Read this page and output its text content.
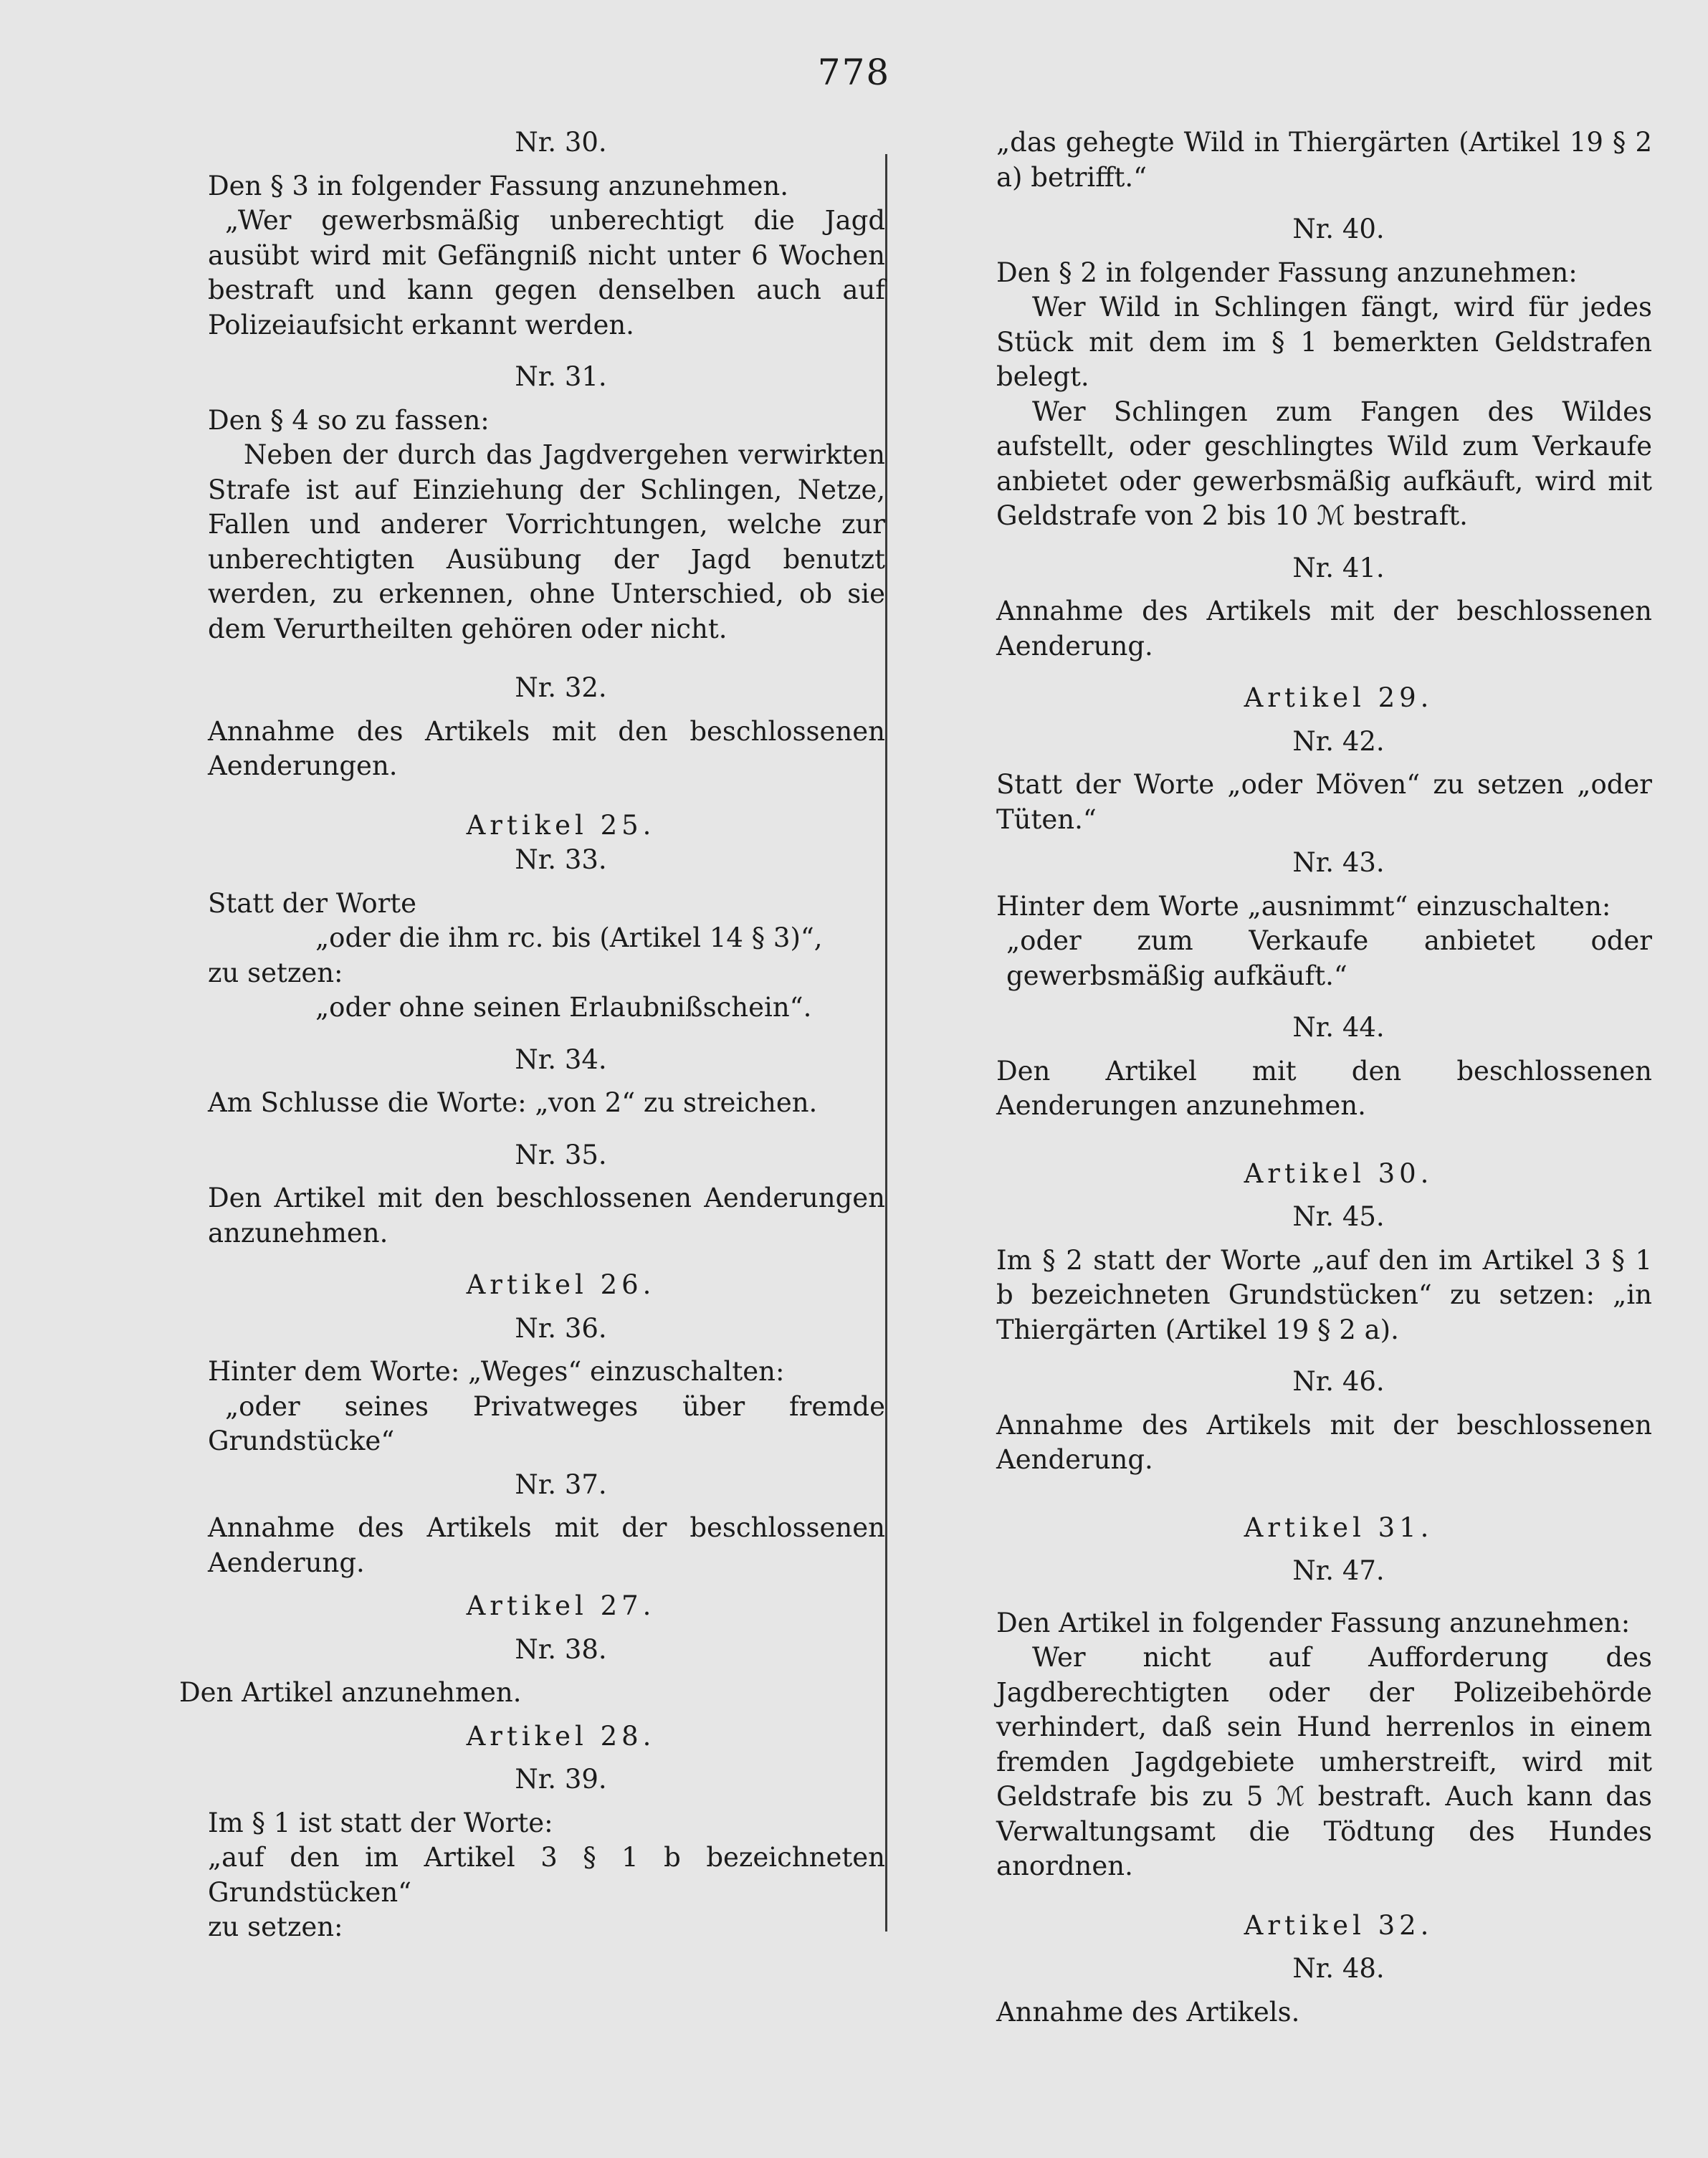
778

Nr. 30.

Den § 3 in folgender Fassung anzunehmen.

„Wer gewerbsmäßig unberechtigt die Jagd ausübt wird mit Gefängniß nicht unter 6 Wochen bestraft und kann gegen denselben auch auf Polizeiaufsicht erkannt werden.

Nr. 31.

Den § 4 so zu fassen:

Neben der durch das Jagdvergehen verwirkten Strafe ist auf Einziehung der Schlingen, Netze, Fallen und anderer Vorrichtungen, welche zur unberechtigten Ausübung der Jagd benutzt werden, zu erkennen, ohne Unterschied, ob sie dem Verurtheilten gehören oder nicht.

Nr. 32.

Annahme des Artikels mit den beschlossenen Aenderungen.

Artikel 25.

Nr. 33.

Statt der Worte

„oder die ihm rc. bis (Artikel 14 § 3)“,

zu setzen:

„oder ohne seinen Erlaubnißschein“.

Nr. 34.

Am Schlusse die Worte: „von 2“ zu streichen.

Nr. 35.

Den Artikel mit den beschlossenen Aenderungen anzunehmen.

Artikel 26.

Nr. 36.

Hinter dem Worte: „Weges“ einzuschalten:

„oder seines Privatweges über fremde Grundstücke“

Nr. 37.

Annahme des Artikels mit der beschlossenen Aenderung.

Artikel 27.

Nr. 38.

Den Artikel anzunehmen.

Artikel 28.

Nr. 39.

Im § 1 ist statt der Worte:

„auf den im Artikel 3 § 1 b bezeichneten Grundstücken“

zu setzen:

„das gehegte Wild in Thiergärten (Artikel 19 § 2 a) betrifft.“

Nr. 40.

Den § 2 in folgender Fassung anzunehmen:

Wer Wild in Schlingen fängt, wird für jedes Stück mit dem im § 1 bemerkten Geldstrafen belegt.

Wer Schlingen zum Fangen des Wildes aufstellt, oder geschlingtes Wild zum Verkaufe anbietet oder gewerbsmäßig aufkäuft, wird mit Geldstrafe von 2 bis 10 ℳ bestraft.

Nr. 41.

Annahme des Artikels mit der beschlossenen Aenderung.

Artikel 29.

Nr. 42.

Statt der Worte „oder Möven“ zu setzen „oder Tüten.“

Nr. 43.

Hinter dem Worte „ausnimmt“ einzuschalten:

„oder zum Verkaufe anbietet oder gewerbsmäßig aufkäuft.“

Nr. 44.

Den Artikel mit den beschlossenen Aenderungen anzunehmen.

Artikel 30.

Nr. 45.

Im § 2 statt der Worte „auf den im Artikel 3 § 1 b bezeichneten Grundstücken“ zu setzen: „in Thiergärten (Artikel 19 § 2 a).

Nr. 46.

Annahme des Artikels mit der beschlossenen Aenderung.

Artikel 31.

Nr. 47.

Den Artikel in folgender Fassung anzunehmen:

Wer nicht auf Aufforderung des Jagdberechtigten oder der Polizeibehörde verhindert, daß sein Hund herrenlos in einem fremden Jagdgebiete umherstreift, wird mit Geldstrafe bis zu 5 ℳ bestraft. Auch kann das Verwaltungsamt die Tödtung des Hundes anordnen.

Artikel 32.

Nr. 48.

Annahme des Artikels.
